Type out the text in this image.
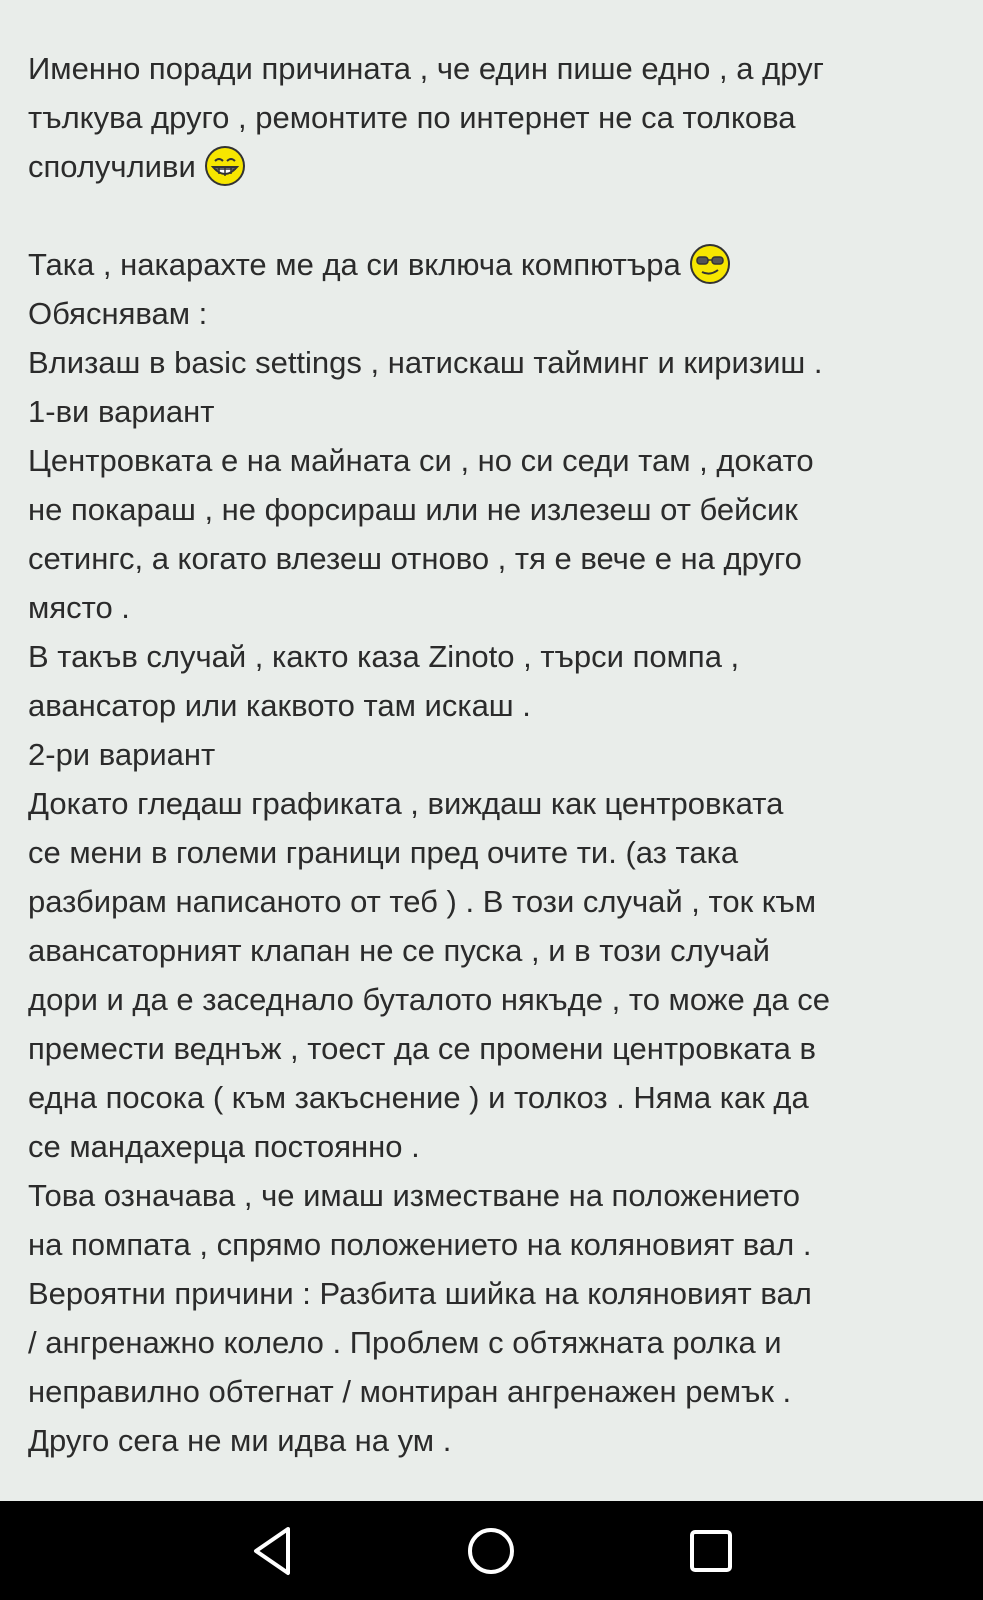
Именно поради причината , че един пише едно , а друг
тълкува друго , ремонтите по интернет не са толкова
сполучливи
Така , накарахте ме да си включа компютъра
Обяснявам :
Влизаш в basic settings , натискаш тайминг и киризиш .
1-ви вариант
Центровката е на майната си , но си седи там , докато
не покараш , не форсираш или не излезеш от бейсик
сетингс, а когато влезеш отново , тя е вече е на друго
място .
В такъв случай , както каза Zinoto , търси помпа ,
авансатор или каквото там искаш .
2-ри вариант
Докато гледаш графиката , виждаш как центровката
се мени в големи граници пред очите ти. (аз така
разбирам написаното от теб ) . В този случай , ток към
авансаторният клапан не се пуска , и в този случай
дори и да е заседнало буталото някъде , то може да се
премести веднъж , тоест да се промени центровката в
една посока ( към закъснение ) и толкоз . Няма как да
се мандахерца постоянно .
Това означава , че имаш изместване на положението
на помпата , спрямо положението на коляновият вал .
Вероятни причини : Разбита шийка на коляновият вал
/ ангренажно колело . Проблем с обтяжната ролка и
неправилно обтегнат / монтиран ангренажен ремък .
Друго сега не ми идва на ум .
